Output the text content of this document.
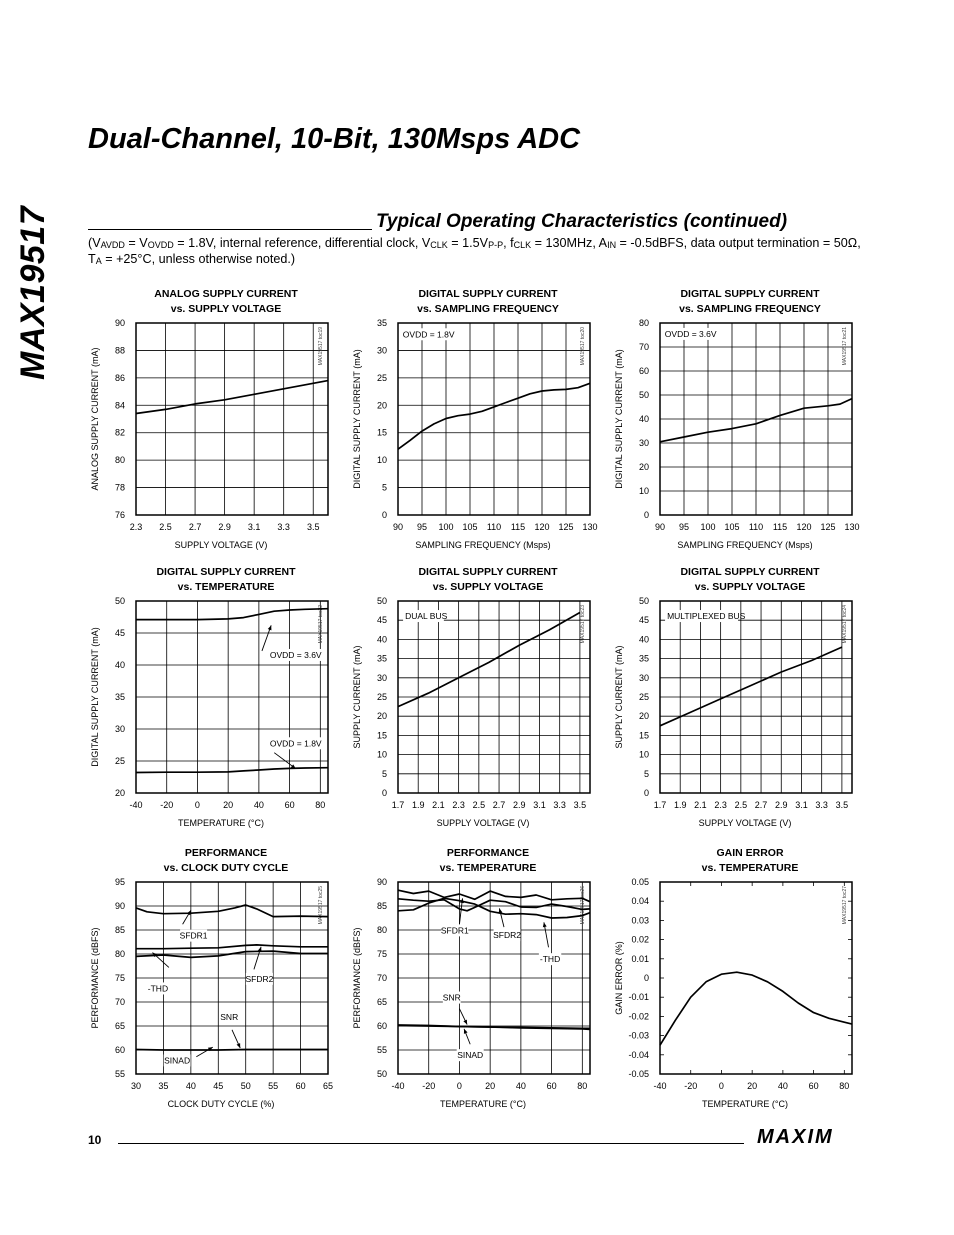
MAX19517
Dual-Channel, 10-Bit, 130Msps ADC
Typical Operating Characteristics (continued)
($V_{AVDD} = V_{OVDD} = 1.8V$, internal reference, differential clock, $V_{CLK} = 1.5V_{P-P}$, $f_{CLK} = 130MHz$, $A_{IN}$ = -0.5dBFS, data output termination = 50Ω, $T_A = +25^\circ C$, unless otherwise noted.)
ANALOG SUPPLY CURRENT
vs. SUPPLY VOLTAGE
2.3 2.5 2.7 2.9 3.1 3.3 3.5
76
78
80
82
84
86
88
90
SUPPLY VOLTAGE (V)
ANALOG SUPPLY CURRENT (mA)
MAX19517 toc19
DIGITAL SUPPLY CURRENT
vs. SAMPLING FREQUENCY
90 95 100 105 110 115 120 125 130
0
5
10
15
20
25
30
35
SAMPLING FREQUENCY (Msps)
DIGITAL SUPPLY CURRENT (mA)
MAX19517 toc20
OVDD = 1.8V
DIGITAL SUPPLY CURRENT
vs. SAMPLING FREQUENCY
90 95 100 105 110 115 120 125 130
0
10
20
30
40
50
60
70
80
SAMPLING FREQUENCY (Msps)
DIGITAL SUPPLY CURRENT (mA)
MAX19517 toc21
OVDD = 3.6V
DIGITAL SUPPLY CURRENT
vs. TEMPERATURE
-40 -20 0	20 40 60 80
20
25
30
35
40
45
50
TEMPERATURE (°C)
DIGITAL SUPPLY CURRENT (mA)
MAX19517 toc22
OVDD = 3.6V
OVDD = 1.8V
DIGITAL SUPPLY CURRENT
vs. SUPPLY VOLTAGE
1.7 1.9 2.1 2.3 2.5 2.7 2.9 3.1 3.3 3.5
0
5
10
15
20
25
30
35
40
45
50
SUPPLY VOLTAGE (V)
SUPPLY CURRENT (mA)
MAX19517 toc23
DUAL BUS
DIGITAL SUPPLY CURRENT
vs. SUPPLY VOLTAGE
1.7 1.9 2.1 2.3 2.5 2.7 2.9 3.1 3.3 3.5
0
5
10
15
20
25
30
35
40
45
50
SUPPLY VOLTAGE (V)
SUPPLY CURRENT (mA)
MAX19517 toc24
MULTIPLEXED BUS
PERFORMANCE
vs. CLOCK DUTY CYCLE
30 35 40 45 50 55 60 65
55
60
65
70
75
80
85
90
95
CLOCK DUTY CYCLE (%)
PERFORMANCE (dBFS)
MAX19517 toc25
SFDR1
-THD
SFDR2
SNR
SINAD
PERFORMANCE
vs. TEMPERATURE
-40 -20 0	20 40 60 80
50
55
60
65
70
75
80
85
90
TEMPERATURE (°C)
PERFORMANCE (dBFS)
MAX19517 toc26
SFDR1	SFDR2
-THD
SNR
SINAD
GAIN ERROR
vs. TEMPERATURE
-40 -20 0	20 40 60 80
-0.05
-0.04
-0.03
-0.02
-0.01
0
0.01
0.02
0.03
0.04
0.05
TEMPERATURE (°C)
GAIN ERROR (%)
MAX19517 toc27
10	MAXIM
